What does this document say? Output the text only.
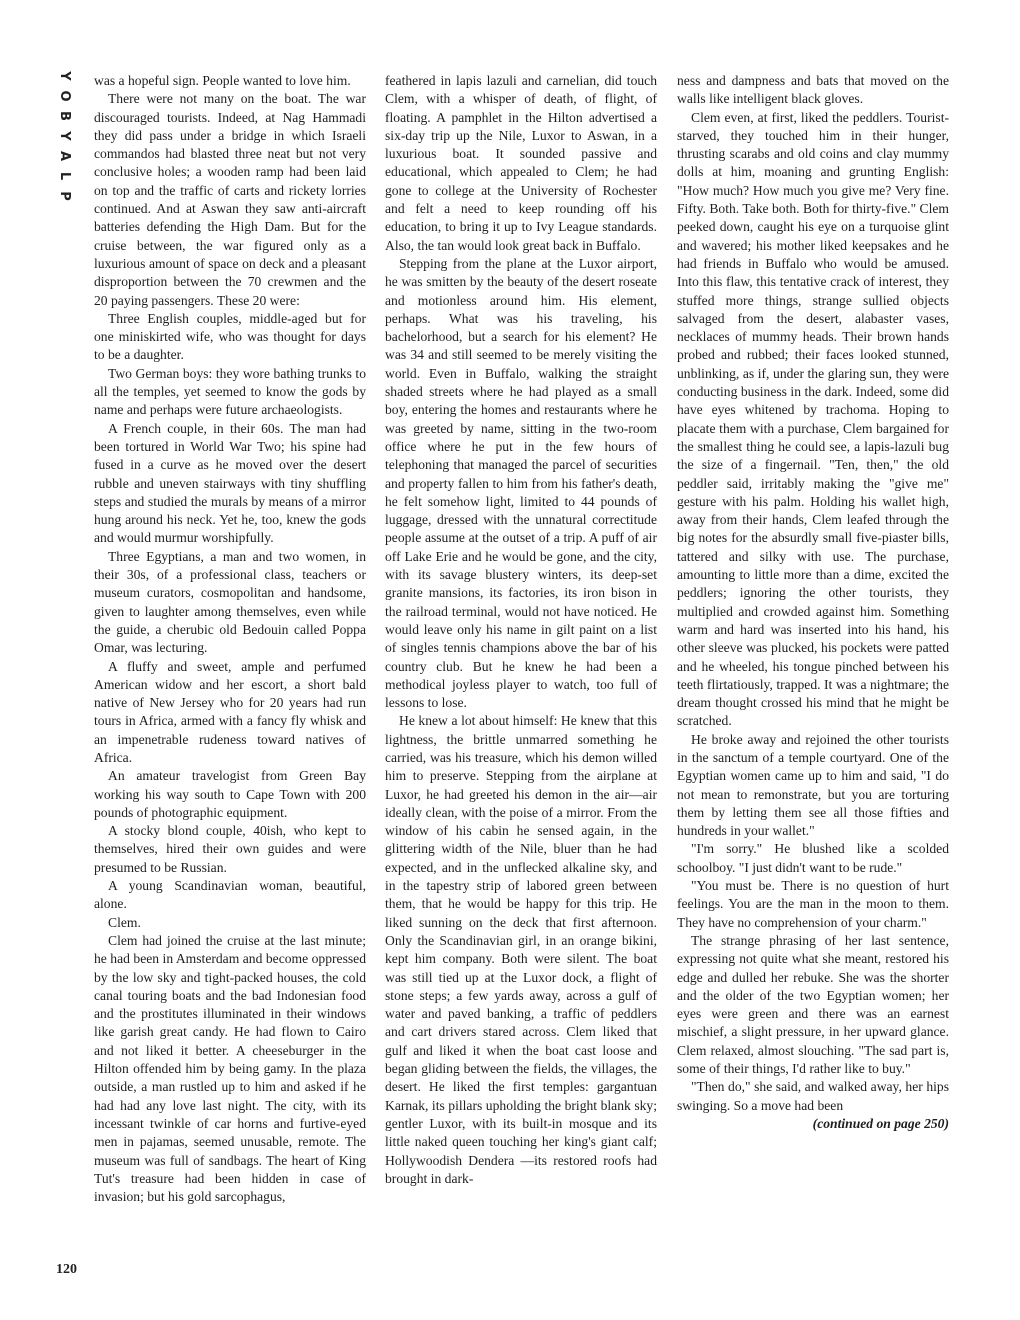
Y
O
B
Y
A
L
P

was a hopeful sign. People wanted to love him.

There were not many on the boat. The war discouraged tourists. Indeed, at Nag Hammadi they did pass under a bridge in which Israeli commandos had blasted three neat but not very conclusive holes; a wooden ramp had been laid on top and the traffic of carts and rickety lorries continued. And at Aswan they saw anti-aircraft batteries defending the High Dam. But for the cruise between, the war figured only as a luxurious amount of space on deck and a pleasant disproportion between the 70 crewmen and the 20 paying passengers. These 20 were:

Three English couples, middle-aged but for one miniskirted wife, who was thought for days to be a daughter.

Two German boys: they wore bathing trunks to all the temples, yet seemed to know the gods by name and perhaps were future archaeologists.

A French couple, in their 60s. The man had been tortured in World War Two; his spine had fused in a curve as he moved over the desert rubble and uneven stairways with tiny shuffling steps and studied the murals by means of a mirror hung around his neck. Yet he, too, knew the gods and would murmur worshipfully.

Three Egyptians, a man and two women, in their 30s, of a professional class, teachers or museum curators, cosmopolitan and handsome, given to laughter among themselves, even while the guide, a cherubic old Bedouin called Poppa Omar, was lecturing.

A fluffy and sweet, ample and perfumed American widow and her escort, a short bald native of New Jersey who for 20 years had run tours in Africa, armed with a fancy fly whisk and an impenetrable rudeness toward natives of Africa.

An amateur travelogist from Green Bay working his way south to Cape Town with 200 pounds of photographic equipment.

A stocky blond couple, 40ish, who kept to themselves, hired their own guides and were presumed to be Russian.

A young Scandinavian woman, beautiful, alone.

Clem.

Clem had joined the cruise at the last minute; he had been in Amsterdam and become oppressed by the low sky and tight-packed houses, the cold canal touring boats and the bad Indonesian food and the prostitutes illuminated in their windows like garish great candy. He had flown to Cairo and not liked it better. A cheeseburger in the Hilton offended him by being gamy. In the plaza outside, a man rustled up to him and asked if he had had any love last night. The city, with its incessant twinkle of car horns and furtive-eyed men in pajamas, seemed unusable, remote. The museum was full of sandbags. The heart of King Tut's treasure had been hidden in case of invasion; but his gold sarcophagus,

feathered in lapis lazuli and carnelian, did touch Clem, with a whisper of death, of flight, of floating. A pamphlet in the Hilton advertised a six-day trip up the Nile, Luxor to Aswan, in a luxurious boat. It sounded passive and educational, which appealed to Clem; he had gone to college at the University of Rochester and felt a need to keep rounding off his education, to bring it up to Ivy League standards. Also, the tan would look great back in Buffalo.

Stepping from the plane at the Luxor airport, he was smitten by the beauty of the desert roseate and motionless around him. His element, perhaps. What was his traveling, his bachelorhood, but a search for his element? He was 34 and still seemed to be merely visiting the world. Even in Buffalo, walking the straight shaded streets where he had played as a small boy, entering the homes and restaurants where he was greeted by name, sitting in the two-room office where he put in the few hours of telephoning that managed the parcel of securities and property fallen to him from his father's death, he felt somehow light, limited to 44 pounds of luggage, dressed with the unnatural correctitude people assume at the outset of a trip. A puff of air off Lake Erie and he would be gone, and the city, with its savage blustery winters, its deep-set granite mansions, its factories, its iron bison in the railroad terminal, would not have noticed. He would leave only his name in gilt paint on a list of singles tennis champions above the bar of his country club. But he knew he had been a methodical joyless player to watch, too full of lessons to lose.

He knew a lot about himself: He knew that this lightness, the brittle unmarred something he carried, was his treasure, which his demon willed him to preserve. Stepping from the airplane at Luxor, he had greeted his demon in the air—air ideally clean, with the poise of a mirror. From the window of his cabin he sensed again, in the glittering width of the Nile, bluer than he had expected, and in the unflecked alkaline sky, and in the tapestry strip of labored green between them, that he would be happy for this trip. He liked sunning on the deck that first afternoon. Only the Scandinavian girl, in an orange bikini, kept him company. Both were silent. The boat was still tied up at the Luxor dock, a flight of stone steps; a few yards away, across a gulf of water and paved banking, a traffic of peddlers and cart drivers stared across. Clem liked that gulf and liked it when the boat cast loose and began gliding between the fields, the villages, the desert. He liked the first temples: gargantuan Karnak, its pillars upholding the bright blank sky; gentler Luxor, with its built-in mosque and its little naked queen touching her king's giant calf; Hollywoodish Dendera —its restored roofs had brought in dark-

ness and dampness and bats that moved on the walls like intelligent black gloves.

Clem even, at first, liked the peddlers. Tourist-starved, they touched him in their hunger, thrusting scarabs and old coins and clay mummy dolls at him, moaning and grunting English: "How much? How much you give me? Very fine. Fifty. Both. Take both. Both for thirty-five." Clem peeked down, caught his eye on a turquoise glint and wavered; his mother liked keepsakes and he had friends in Buffalo who would be amused. Into this flaw, this tentative crack of interest, they stuffed more things, strange sullied objects salvaged from the desert, alabaster vases, necklaces of mummy heads. Their brown hands probed and rubbed; their faces looked stunned, unblinking, as if, under the glaring sun, they were conducting business in the dark. Indeed, some did have eyes whitened by trachoma. Hoping to placate them with a purchase, Clem bargained for the smallest thing he could see, a lapis-lazuli bug the size of a fingernail. "Ten, then," the old peddler said, irritably making the "give me" gesture with his palm. Holding his wallet high, away from their hands, Clem leafed through the big notes for the absurdly small five-piaster bills, tattered and silky with use. The purchase, amounting to little more than a dime, excited the peddlers; ignoring the other tourists, they multiplied and crowded against him. Something warm and hard was inserted into his hand, his other sleeve was plucked, his pockets were patted and he wheeled, his tongue pinched between his teeth flirtatiously, trapped. It was a nightmare; the dream thought crossed his mind that he might be scratched.

He broke away and rejoined the other tourists in the sanctum of a temple courtyard. One of the Egyptian women came up to him and said, "I do not mean to remonstrate, but you are torturing them by letting them see all those fifties and hundreds in your wallet."

"I'm sorry." He blushed like a scolded schoolboy. "I just didn't want to be rude."

"You must be. There is no question of hurt feelings. You are the man in the moon to them. They have no comprehension of your charm."

The strange phrasing of her last sentence, expressing not quite what she meant, restored his edge and dulled her rebuke. She was the shorter and the older of the two Egyptian women; her eyes were green and there was an earnest mischief, a slight pressure, in her upward glance. Clem relaxed, almost slouching. "The sad part is, some of their things, I'd rather like to buy."

"Then do," she said, and walked away, her hips swinging. So a move had been

(continued on page 250)

120
